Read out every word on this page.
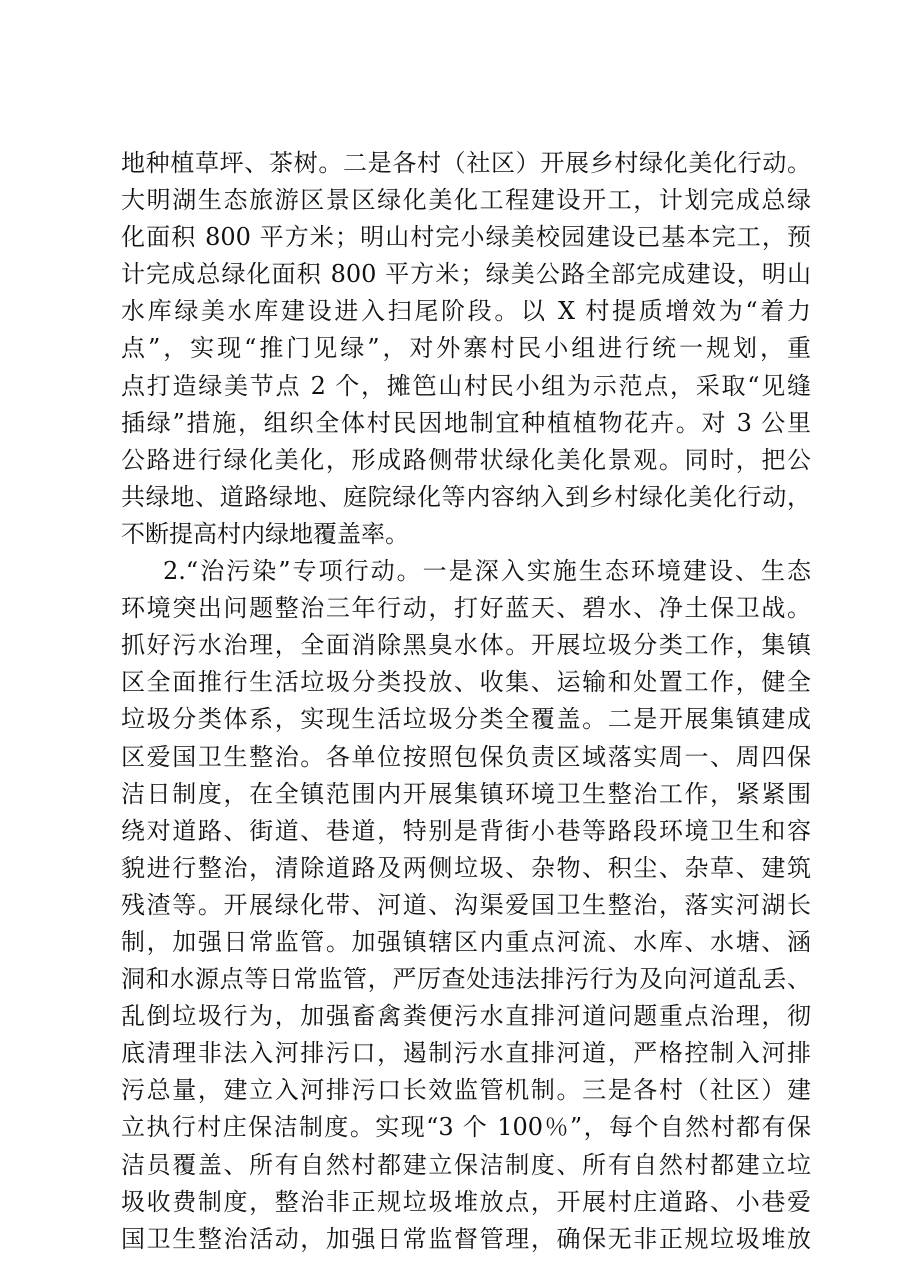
地种植草坪、茶树。二是各村（社区）开展乡村绿化美化行动。
大明湖生态旅游区景区绿化美化工程建设开工，计划完成总绿
化面积 800 平方米；明山村完小绿美校园建设已基本完工，预
计完成总绿化面积 800 平方米；绿美公路全部完成建设，明山
水库绿美水库建设进入扫尾阶段。以 X 村提质增效为“着力
点”，实现“推门见绿”，对外寨村民小组进行统一规划，重
点打造绿美节点 2 个，摊笆山村民小组为示范点，采取“见缝
插绿”措施，组织全体村民因地制宜种植植物花卉。对 3 公里
公路进行绿化美化，形成路侧带状绿化美化景观。同时，把公
共绿地、道路绿地、庭院绿化等内容纳入到乡村绿化美化行动，
不断提高村内绿地覆盖率。
2.“治污染”专项行动。一是深入实施生态环境建设、生态
环境突出问题整治三年行动，打好蓝天、碧水、净土保卫战。
抓好污水治理，全面消除黑臭水体。开展垃圾分类工作，集镇
区全面推行生活垃圾分类投放、收集、运输和处置工作，健全
垃圾分类体系，实现生活垃圾分类全覆盖。二是开展集镇建成
区爱国卫生整治。各单位按照包保负责区域落实周一、周四保
洁日制度，在全镇范围内开展集镇环境卫生整治工作，紧紧围
绕对道路、街道、巷道，特别是背街小巷等路段环境卫生和容
貌进行整治，清除道路及两侧垃圾、杂物、积尘、杂草、建筑
残渣等。开展绿化带、河道、沟渠爱国卫生整治，落实河湖长
制，加强日常监管。加强镇辖区内重点河流、水库、水塘、涵
洞和水源点等日常监管，严厉查处违法排污行为及向河道乱丢、
乱倒垃圾行为，加强畜禽粪便污水直排河道问题重点治理，彻
底清理非法入河排污口，遏制污水直排河道，严格控制入河排
污总量，建立入河排污口长效监管机制。三是各村（社区）建
立执行村庄保洁制度。实现“3 个 100％”，每个自然村都有保
洁员覆盖、所有自然村都建立保洁制度、所有自然村都建立垃
圾收费制度，整治非正规垃圾堆放点，开展村庄道路、小巷爱
国卫生整治活动，加强日常监督管理，确保无非正规垃圾堆放
